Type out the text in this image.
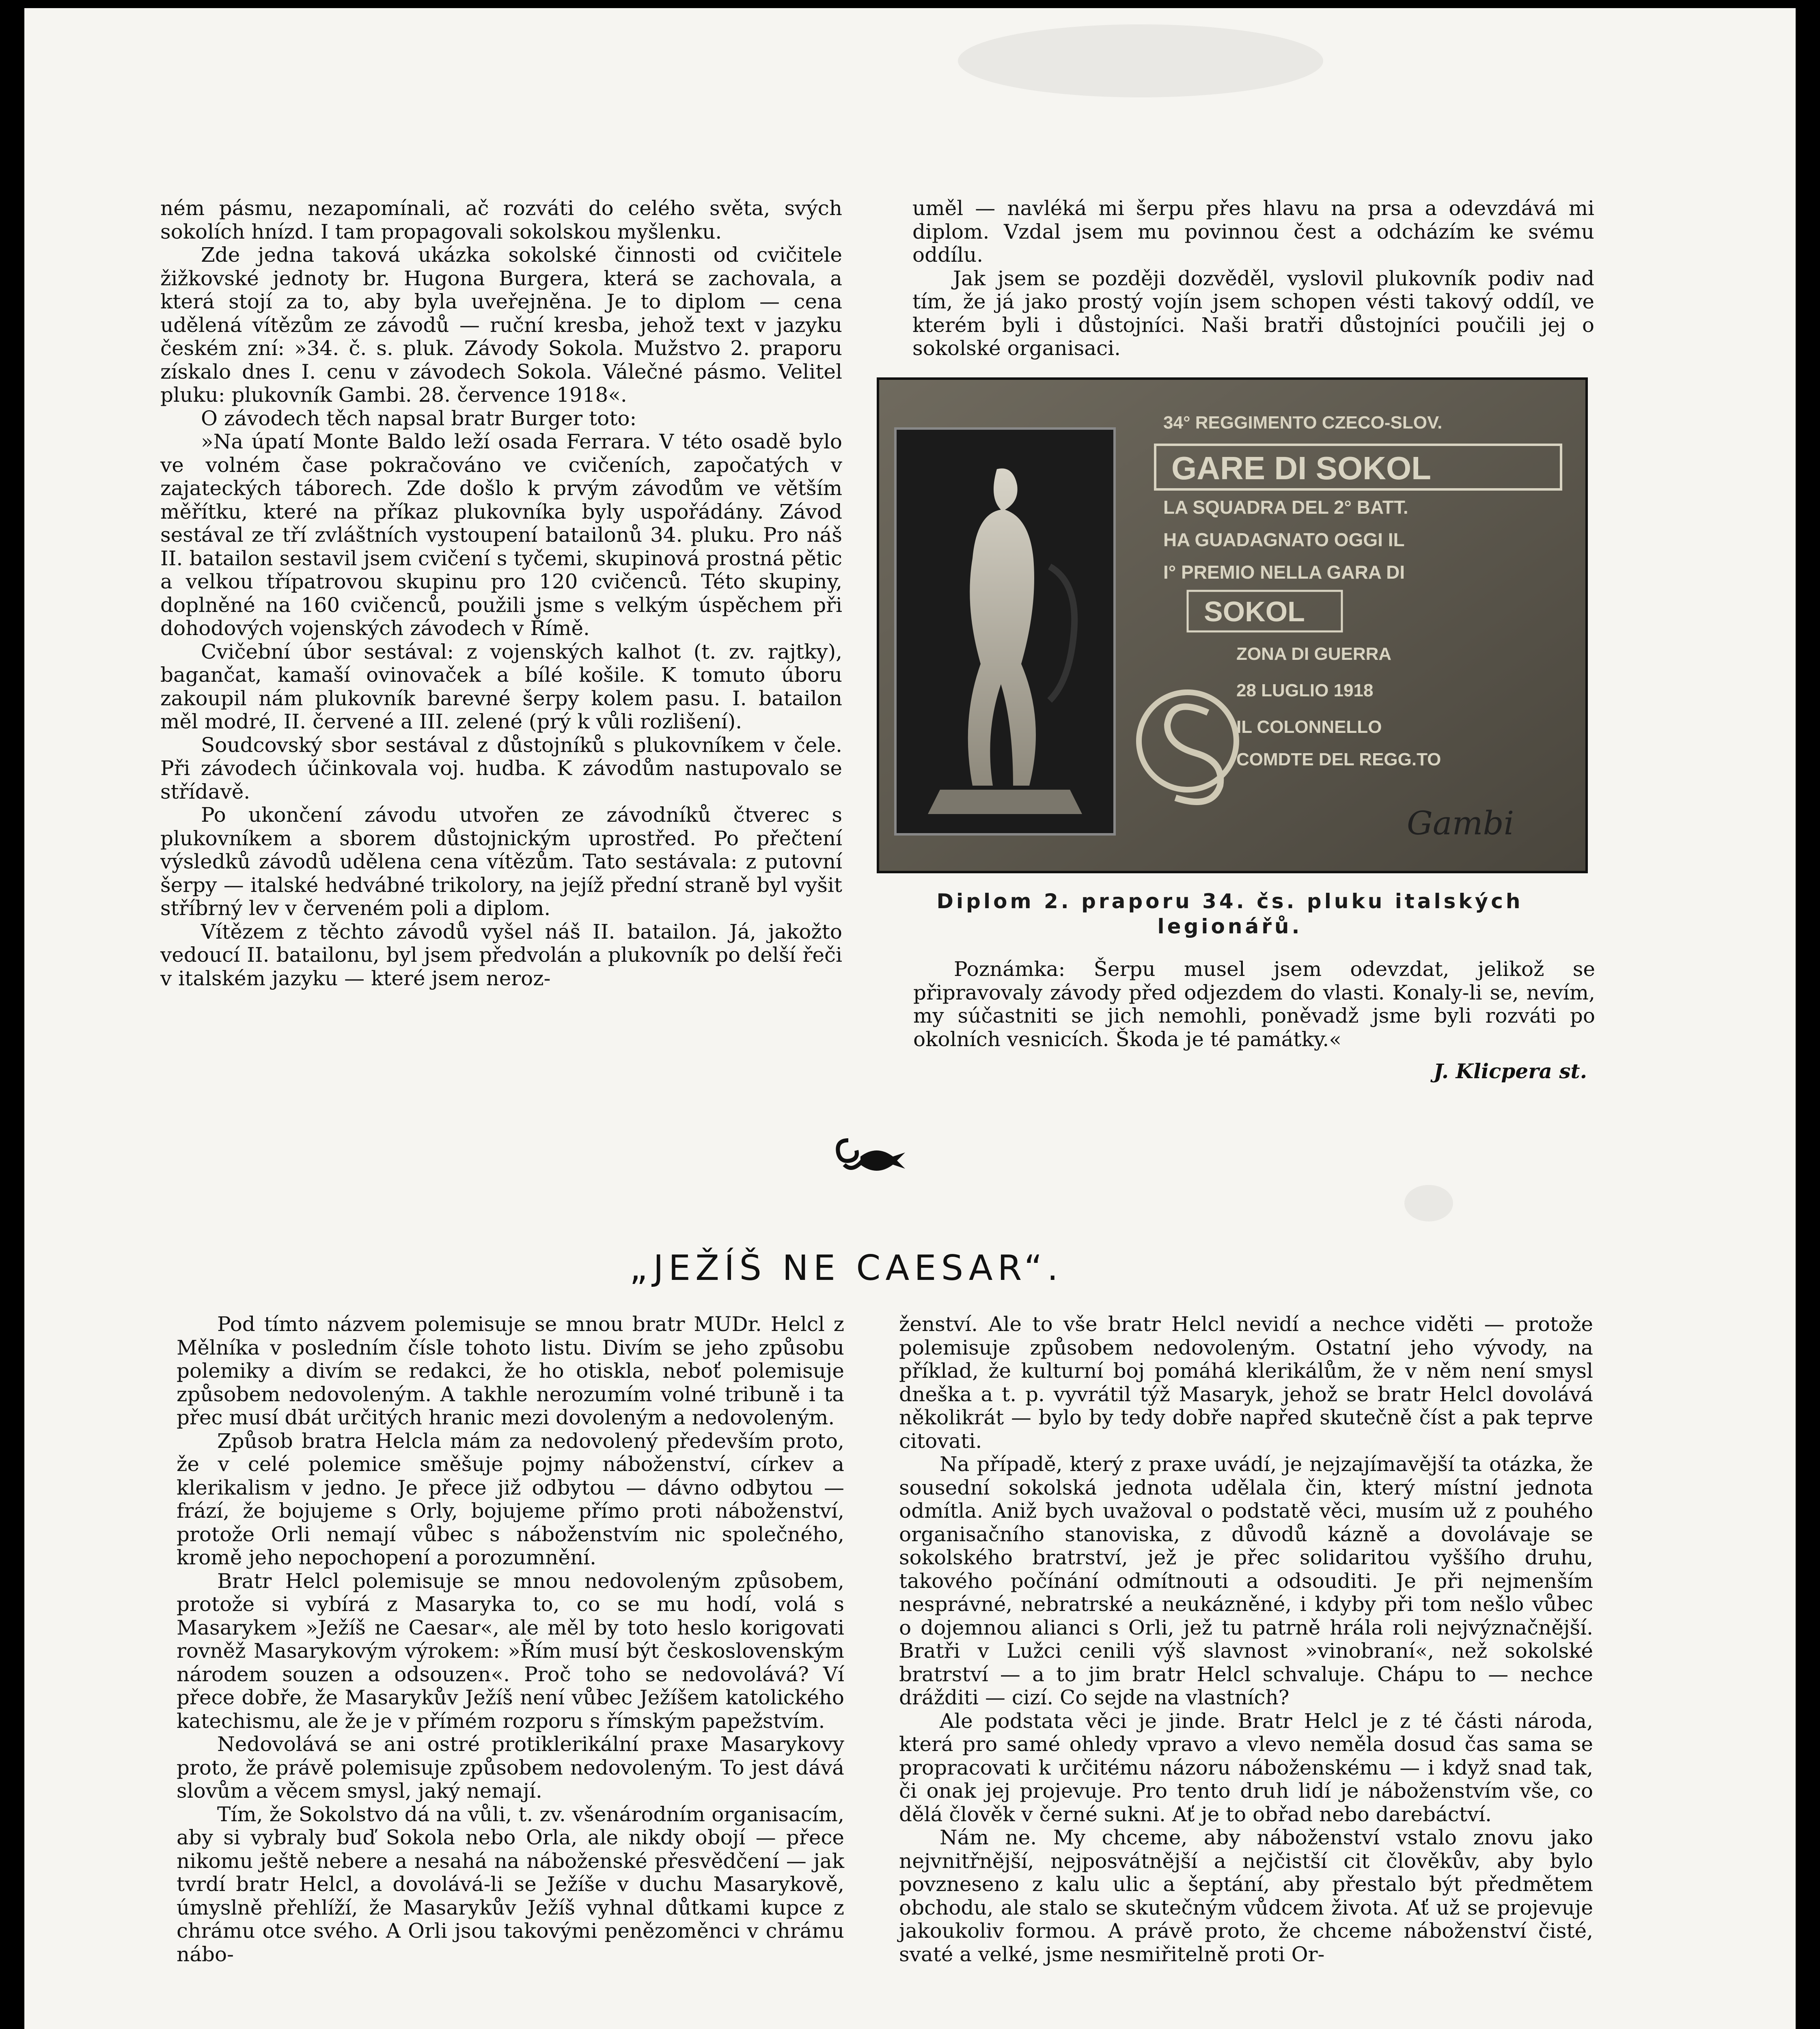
ném pásmu, nezapomínali, ač rozváti do celého světa, svých sokolích hnízd. I tam propagovali sokolskou myšlenku.

Zde jedna taková ukázka sokolské činnosti od cvičitele žižkovské jednoty br. Hugona Burgera, která se zachovala, a která stojí za to, aby byla uveřejněna. Je to diplom — cena udělená vítězům ze závodů — ruční kresba, jehož text v jazyku českém zní: »34. č. s. pluk. Závody Sokola. Mužstvo 2. praporu získalo dnes I. cenu v závodech Sokola. Válečné pásmo. Velitel pluku: plukovník Gambi. 28. července 1918«.

O závodech těch napsal bratr Burger toto:

»Na úpatí Monte Baldo leží osada Ferrara. V této osadě bylo ve volném čase pokračováno ve cvičeních, započatých v zajateckých táborech. Zde došlo k prvým závodům ve větším měřítku, které na příkaz plukovníka byly uspořádány. Závod sestával ze tří zvláštních vystoupení batailonů 34. pluku. Pro náš II. batailon sestavil jsem cvičení s tyčemi, skupinová prostná pětic a velkou třípatrovou skupinu pro 120 cvičenců. Této skupiny, doplněné na 160 cvičenců, použili jsme s velkým úspěchem při dohodových vojenských závodech v Římě.

Cvičební úbor sestával: z vojenských kalhot (t. zv. rajtky), bagančat, kamaší ovinovaček a bílé košile. K tomuto úboru zakoupil nám plukovník barevné šerpy kolem pasu. I. batailon měl modré, II. červené a III. zelené (prý k vůli rozlišení).

Soudcovský sbor sestával z důstojníků s plukovníkem v čele. Při závodech účinkovala voj. hudba. K závodům nastupovalo se střídavě.

Po ukončení závodu utvořen ze závodníků čtverec s plukovníkem a sborem důstojnickým uprostřed. Po přečtení výsledků závodů udělena cena vítězům. Tato sestávala: z putovní šerpy — italské hedvábné trikolory, na jejíž přední straně byl vyšit stříbrný lev v červeném poli a diplom.

Vítězem z těchto závodů vyšel náš II. batailon. Já, jakožto vedoucí II. batailonu, byl jsem předvolán a plukovník po delší řeči v italském jazyku — které jsem neroz-

uměl — navléká mi šerpu přes hlavu na prsa a odevzdává mi diplom. Vzdal jsem mu povinnou čest a odcházím ke svému oddílu.

Jak jsem se později dozvěděl, vyslovil plukovník podiv nad tím, že já jako prostý vojín jsem schopen vésti takový oddíl, ve kterém byli i důstojníci. Naši bratři důstojníci poučili jej o sokolské organisaci.

34° REGGIMENTO CZECO-SLOV.
GARE DI SOKOL
LA SQUADRA DEL 2° BATT.
HA GUADAGNATO OGGI IL
I° PREMIO NELLA GARA DI
SOKOL
ZONA DI GUERRA
28 LUGLIO 1918
IL COLONNELLO
COMDTE DEL REGG.TO
Gambi
Diplom 2. praporu 34. čs. pluku italských legionářů.

Poznámka: Šerpu musel jsem odevzdat, jelikož se připravovaly závody před odjezdem do vlasti. Konaly-li se, nevím, my súčastniti se jich nemohli, poněvadž jsme byli rozváti po okolních vesnicích. Škoda je té památky.«

J. Klicpera st.
„JEŽÍŠ NE CAESAR“.

Pod tímto názvem polemisuje se mnou bratr MUDr. Helcl z Mělníka v posledním čísle tohoto listu. Divím se jeho způsobu polemiky a divím se redakci, že ho otiskla, neboť polemisuje způsobem nedovoleným. A takhle nerozumím volné tribuně i ta přec musí dbát určitých hranic mezi dovoleným a nedovoleným.

Způsob bratra Helcla mám za nedovolený především proto, že v celé polemice směšuje pojmy náboženství, církev a klerikalism v jedno. Je přece již odbytou — dávno odbytou — frází, že bojujeme s Orly, bojujeme přímo proti náboženství, protože Orli nemají vůbec s náboženstvím nic společného, kromě jeho nepochopení a porozumnění.

Bratr Helcl polemisuje se mnou nedovoleným způsobem, protože si vybírá z Masaryka to, co se mu hodí, volá s Masarykem »Ježíš ne Caesar«, ale měl by toto heslo korigovati rovněž Masarykovým výrokem: »Řím musí být československým národem souzen a odsouzen«. Proč toho se nedovolává? Ví přece dobře, že Masarykův Ježíš není vůbec Ježíšem katolického katechismu, ale že je v přímém rozporu s římským papežstvím.

Nedovolává se ani ostré protiklerikální praxe Masarykovy proto, že právě polemisuje způsobem nedovoleným. To jest dává slovům a věcem smysl, jaký nemají.

Tím, že Sokolstvo dá na vůli, t. zv. všenárodním organisacím, aby si vybraly buď Sokola nebo Orla, ale nikdy obojí — přece nikomu ještě nebere a nesahá na náboženské přesvědčení — jak tvrdí bratr Helcl, a dovolává-li se Ježíše v duchu Masarykově, úmyslně přehlíží, že Masarykův Ježíš vyhnal důtkami kupce z chrámu otce svého. A Orli jsou takovými penězoměnci v chrámu nábo-

ženství. Ale to vše bratr Helcl nevidí a nechce viděti — protože polemisuje způsobem nedovoleným. Ostatní jeho vývody, na příklad, že kulturní boj pomáhá klerikálům, že v něm není smysl dneška a t. p. vyvrátil týž Masaryk, jehož se bratr Helcl dovolává několikrát — bylo by tedy dobře napřed skutečně číst a pak teprve citovati.

Na případě, který z praxe uvádí, je nejzajímavější ta otázka, že sousední sokolská jednota udělala čin, který místní jednota odmítla. Aniž bych uvažoval o podstatě věci, musím už z pouhého organisačního stanoviska, z důvodů kázně a dovolávaje se sokolského bratrství, jež je přec solidaritou vyššího druhu, takového počínání odmítnouti a odsouditi. Je při nejmenším nesprávné, nebratrské a neukázněné, i kdyby při tom nešlo vůbec o dojemnou alianci s Orli, jež tu patrně hrála roli nejvýznačnější. Bratři v Lužci cenili výš slavnost »vinobraní«, než sokolské bratrství — a to jim bratr Helcl schvaluje. Chápu to — nechce drážditi — cizí. Co sejde na vlastních?

Ale podstata věci je jinde. Bratr Helcl je z té části národa, která pro samé ohledy vpravo a vlevo neměla dosud čas sama se propracovati k určitému názoru náboženskému — i když snad tak, či onak jej projevuje. Pro tento druh lidí je náboženstvím vše, co dělá člověk v černé sukni. Ať je to obřad nebo darebáctví.

Nám ne. My chceme, aby náboženství vstalo znovu jako nejvnitřnější, nejposvátnější a nejčistší cit člověkův, aby bylo povzneseno z kalu ulic a šeptání, aby přestalo být předmětem obchodu, ale stalo se skutečným vůdcem života. Ať už se projevuje jakoukoliv formou. A právě proto, že chceme náboženství čisté, svaté a velké, jsme nesmiřitelně proti Or-
